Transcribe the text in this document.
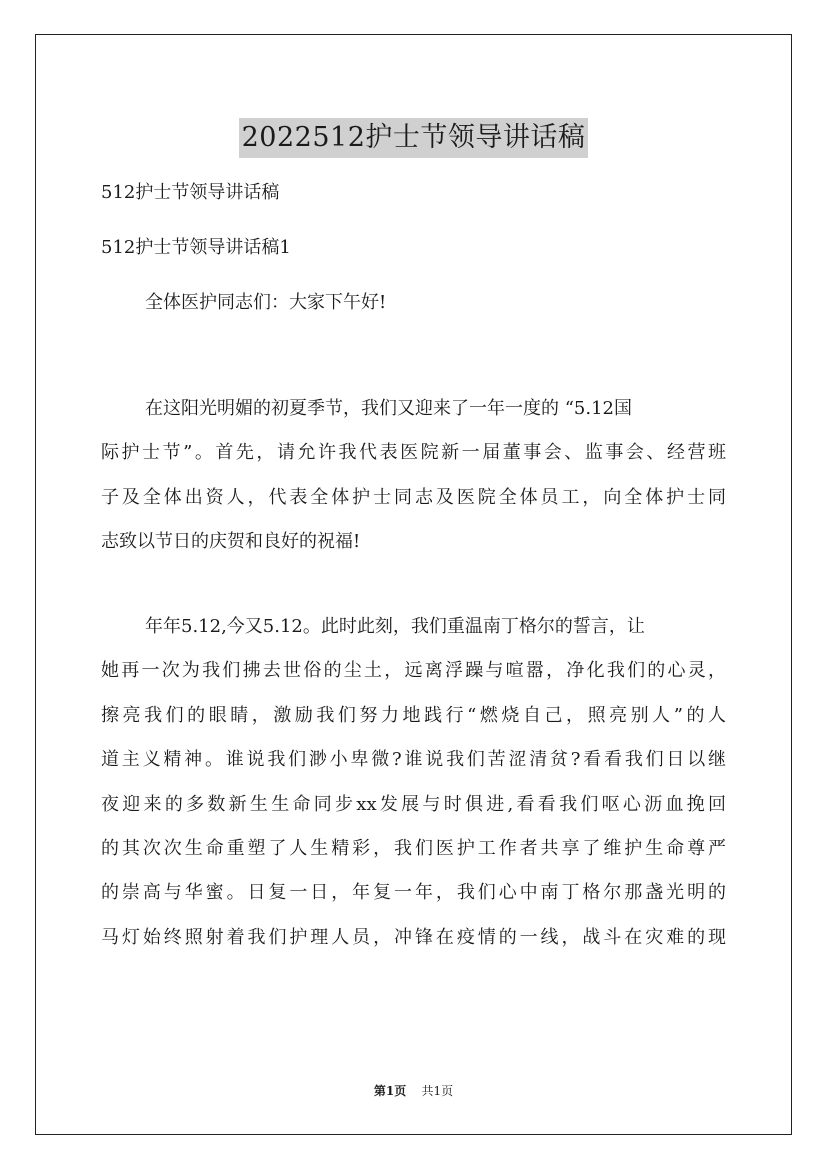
2022512护士节领导讲话稿

512护士节领导讲话稿

512护士节领导讲话稿1

全体医护同志们：大家下午好!

在这阳光明媚的初夏季节，我们又迎来了一年一度的 “5.12国
际护士节”。首先，请允许我代表医院新一届董事会、监事会、经营班
子及全体出资人，代表全体护士同志及医院全体员工，向全体护士同
志致以节日的庆贺和良好的祝福!
年年5.12,今又5.12。此时此刻，我们重温南丁格尔的誓言，让
她再一次为我们拂去世俗的尘土，远离浮躁与喧嚣，净化我们的心灵，
擦亮我们的眼睛，激励我们努力地践行“燃烧自己，照亮别人”的人
道主义精神。谁说我们渺小卑微?谁说我们苦涩清贫?看看我们日以继
夜迎来的多数新生生命同步xx发展与时俱进,看看我们呕心沥血挽回
的其次次生命重塑了人生精彩，我们医护工作者共享了维护生命尊严
的崇高与华蜜。日复一日，年复一年，我们心中南丁格尔那盏光明的
马灯始终照射着我们护理人员，冲锋在疫情的一线，战斗在灾难的现
第1页 共1页
